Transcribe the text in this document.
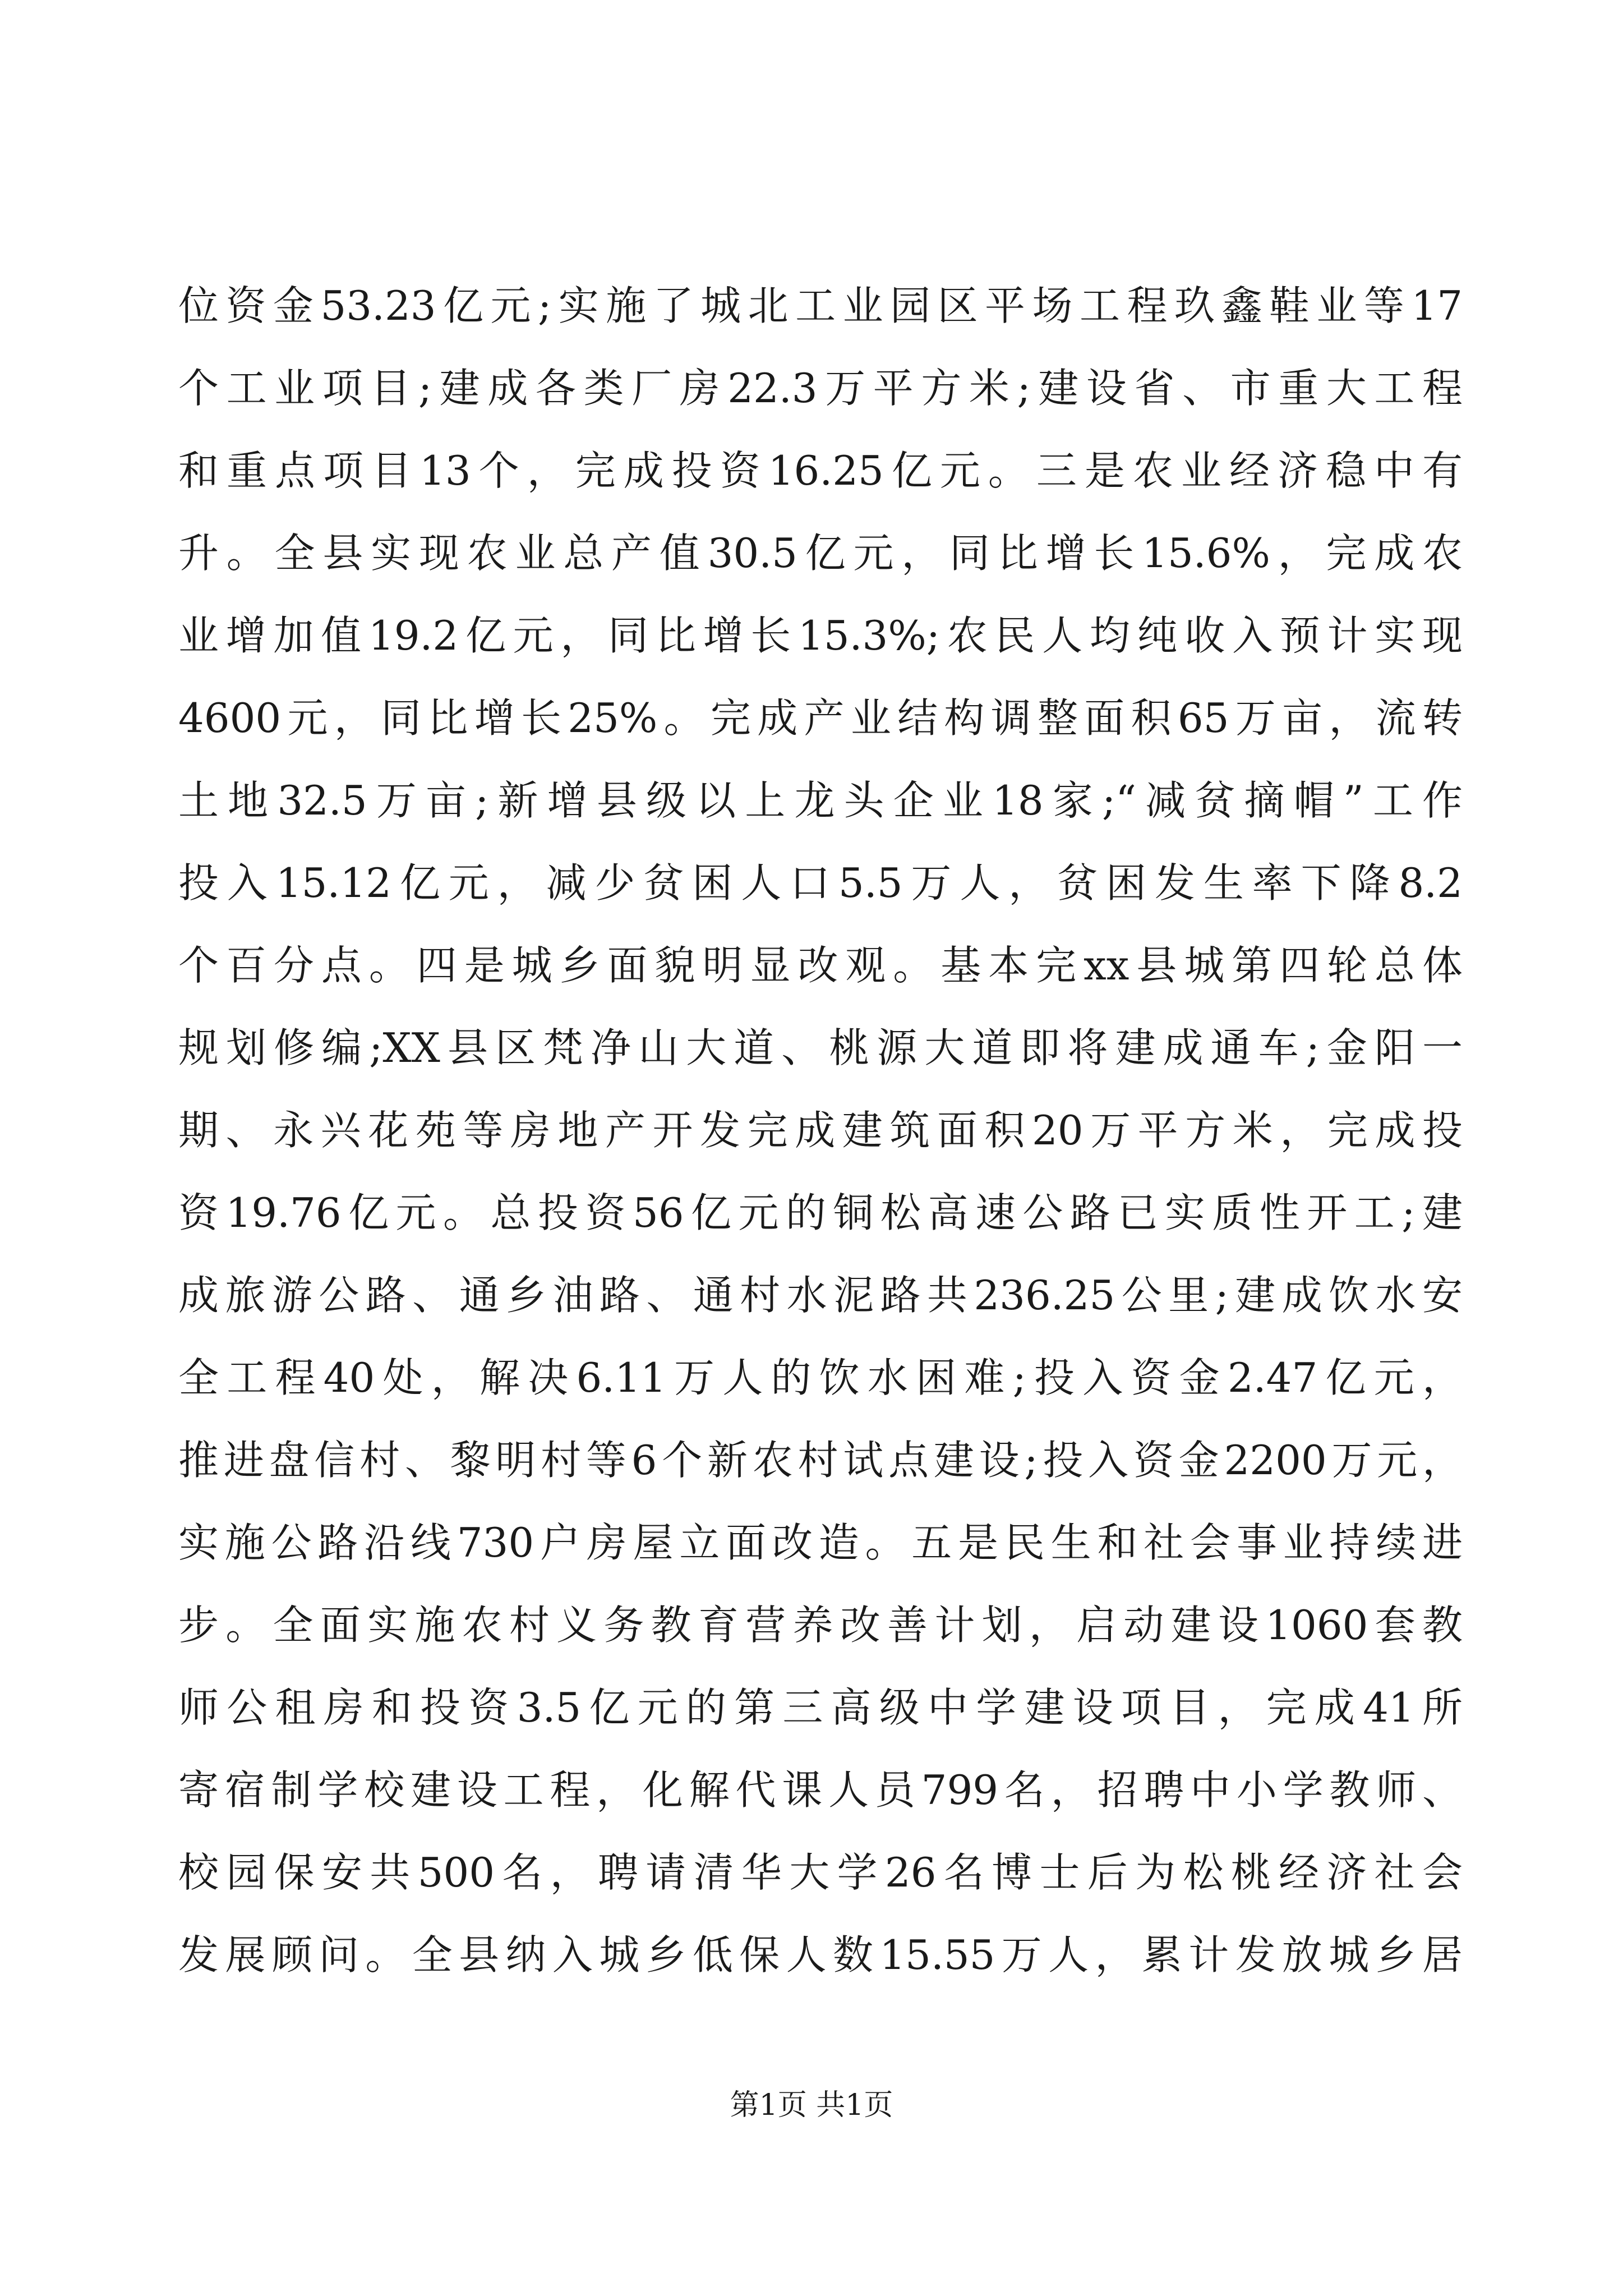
位资金53.23亿元;实施了城北工业园区平场工程玖鑫鞋业等17
个工业项目;建成各类厂房22.3万平方米;建设省、市重大工程
和重点项目13个，完成投资16.25亿元。三是农业经济稳中有
升。全县实现农业总产值30.5亿元，同比增长15.6%，完成农
业增加值19.2亿元，同比增长15.3%;农民人均纯收入预计实现
4600元，同比增长25%。完成产业结构调整面积65万亩，流转
土地32.5万亩;新增县级以上龙头企业18家;“减贫摘帽”工作
投入15.12亿元，减少贫困人口5.5万人，贫困发生率下降8.2
个百分点。四是城乡面貌明显改观。基本完xx县城第四轮总体
规划修编;XX县区梵净山大道、桃源大道即将建成通车;金阳一
期、永兴花苑等房地产开发完成建筑面积20万平方米，完成投
资19.76亿元。总投资56亿元的铜松高速公路已实质性开工;建
成旅游公路、通乡油路、通村水泥路共236.25公里;建成饮水安
全工程40处，解决6.11万人的饮水困难;投入资金2.47亿元，
推进盘信村、黎明村等6个新农村试点建设;投入资金2200万元，
实施公路沿线730户房屋立面改造。五是民生和社会事业持续进
步。全面实施农村义务教育营养改善计划，启动建设1060套教
师公租房和投资3.5亿元的第三高级中学建设项目，完成41所
寄宿制学校建设工程，化解代课人员799名，招聘中小学教师、
校园保安共500名，聘请清华大学26名博士后为松桃经济社会
发展顾问。全县纳入城乡低保人数15.55万人，累计发放城乡居
第1页 共1页
